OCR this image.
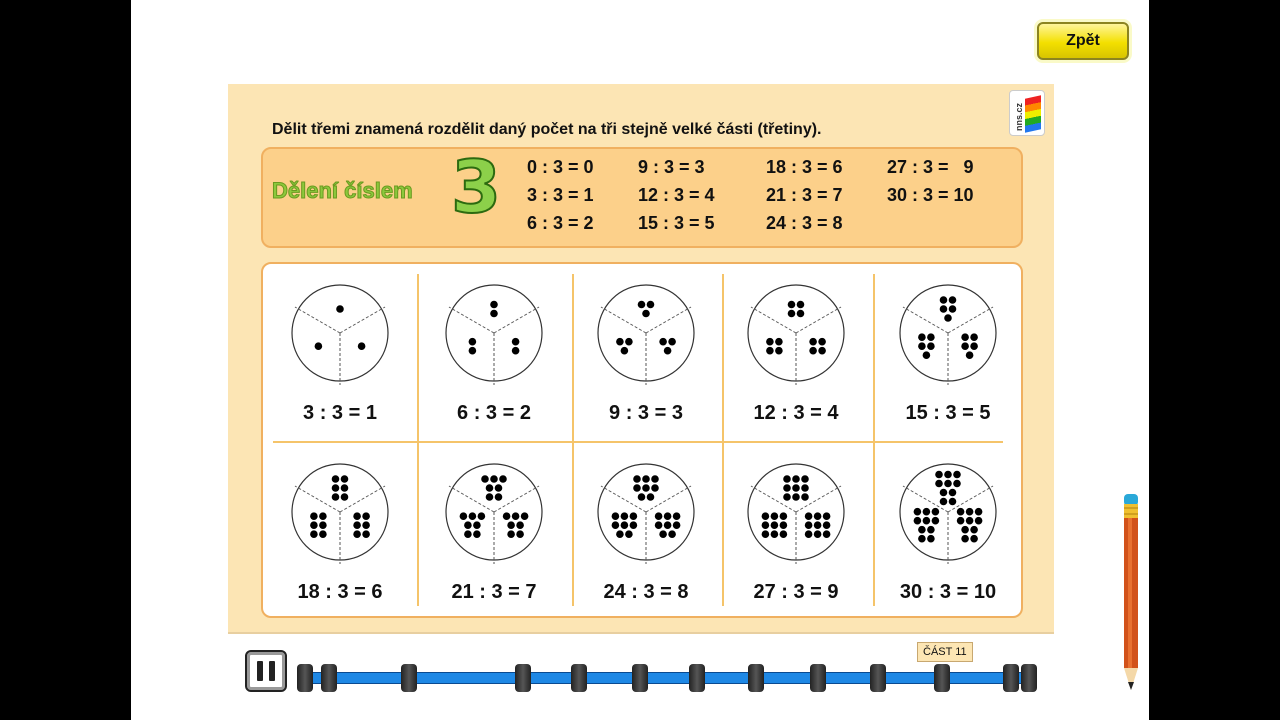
Zpět
Dělit třemi znamená rozdělit daný počet na tři stejně velké části (třetiny).	nns.cz
Dělení číslem 3 0 : 3 = 0 9 : 3 = 3	18 : 3 = 6 27 : 3 =   9
3 : 3 = 1 12 : 3 = 4	21 : 3 = 7 30 : 3 = 10
6 : 3 = 2 15 : 3 = 5	24 : 3 = 8
3 : 3 = 1	6 : 3 = 2	9 : 3 = 3	12 : 3 = 4	15 : 3 = 5
18 : 3 = 6	21 : 3 = 7	24 : 3 = 8	27 : 3 = 9	30 : 3 = 10
ČÁST 11
